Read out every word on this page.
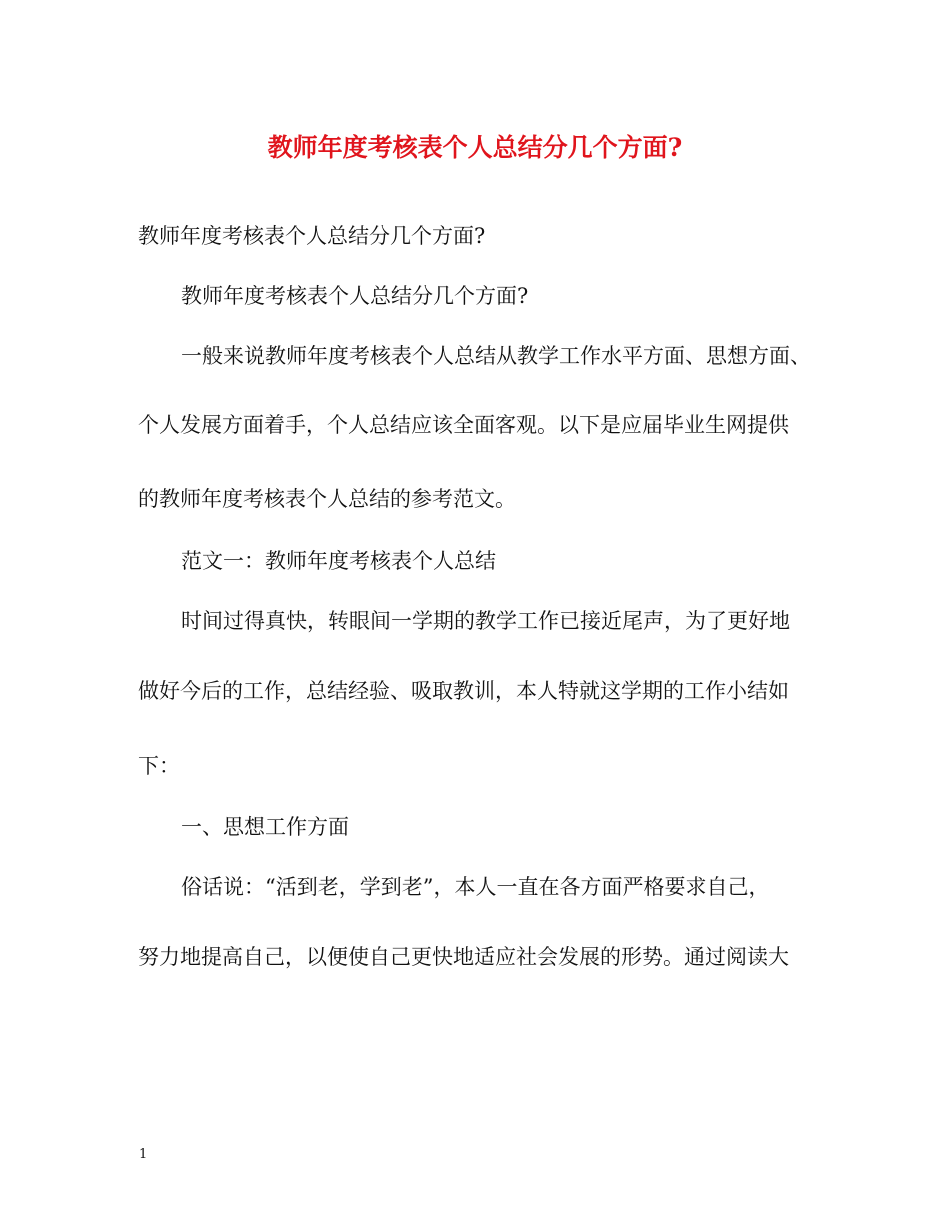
教师年度考核表个人总结分几个方面?

教师年度考核表个人总结分几个方面?

教师年度考核表个人总结分几个方面?

一般来说教师年度考核表个人总结从教学工作水平方面、思想方面、

个人发展方面着手，个人总结应该全面客观。以下是应届毕业生网提供

的教师年度考核表个人总结的参考范文。

范文一：教师年度考核表个人总结

时间过得真快，转眼间一学期的教学工作已接近尾声，为了更好地

做好今后的工作，总结经验、吸取教训，本人特就这学期的工作小结如

下：

一、思想工作方面

俗话说：“活到老，学到老”，本人一直在各方面严格要求自己，

努力地提高自己，以便使自己更快地适应社会发展的形势。通过阅读大

1
